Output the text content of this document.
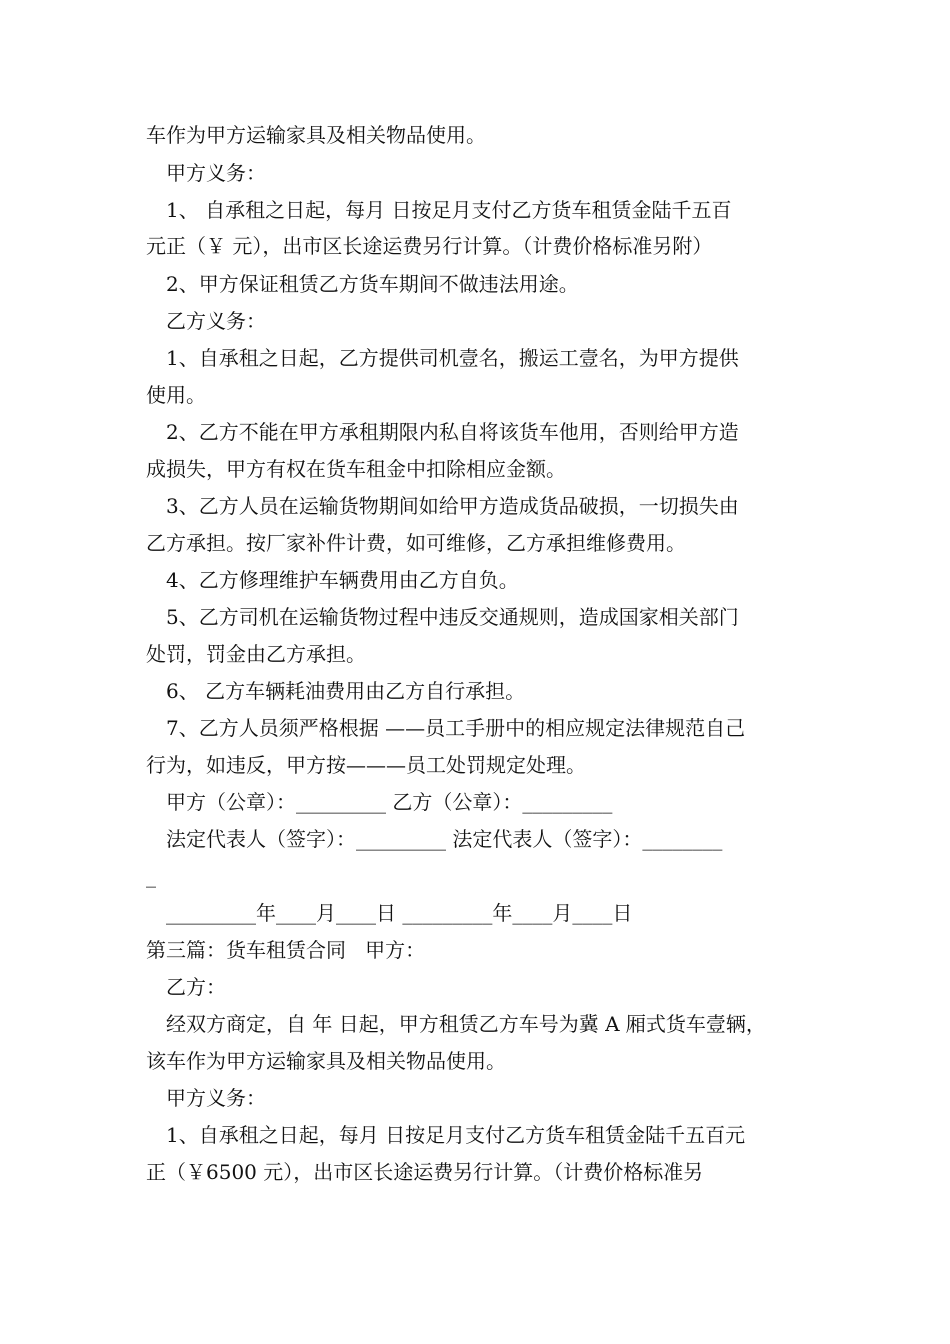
车作为甲方运输家具及相关物品使用。
甲方义务：
1、 自承租之日起，每月 日按足月支付乙方货车租赁金陆千五百
元正（￥ 元），出市区长途运费另行计算。（计费价格标准另附）
2、甲方保证租赁乙方货车期间不做违法用途。
乙方义务：
1、自承租之日起，乙方提供司机壹名，搬运工壹名，为甲方提供
使用。
2、乙方不能在甲方承租期限内私自将该货车他用，否则给甲方造
成损失，甲方有权在货车租金中扣除相应金额。
3、乙方人员在运输货物期间如给甲方造成货品破损，一切损失由
乙方承担。按厂家补件计费，如可维修，乙方承担维修费用。
4、乙方修理维护车辆费用由乙方自负。
5、乙方司机在运输货物过程中违反交通规则，造成国家相关部门
处罚，罚金由乙方承担。
6、 乙方车辆耗油费用由乙方自行承担。
7、乙方人员须严格根据 ——员工手册中的相应规定法律规范自己
行为，如违反，甲方按———员工处罚规定处理。
甲方（公章）：_________ 乙方（公章）：_________
法定代表人（签字）：_________ 法定代表人（签字）：________
_
_________年____月____日 _________年____月____日
第三篇：货车租赁合同   甲方：
乙方：
经双方商定，自 年 日起，甲方租赁乙方车号为冀 A 厢式货车壹辆，
该车作为甲方运输家具及相关物品使用。
甲方义务：
1、自承租之日起，每月 日按足月支付乙方货车租赁金陆千五百元
正（￥6500 元），出市区长途运费另行计算。（计费价格标准另
